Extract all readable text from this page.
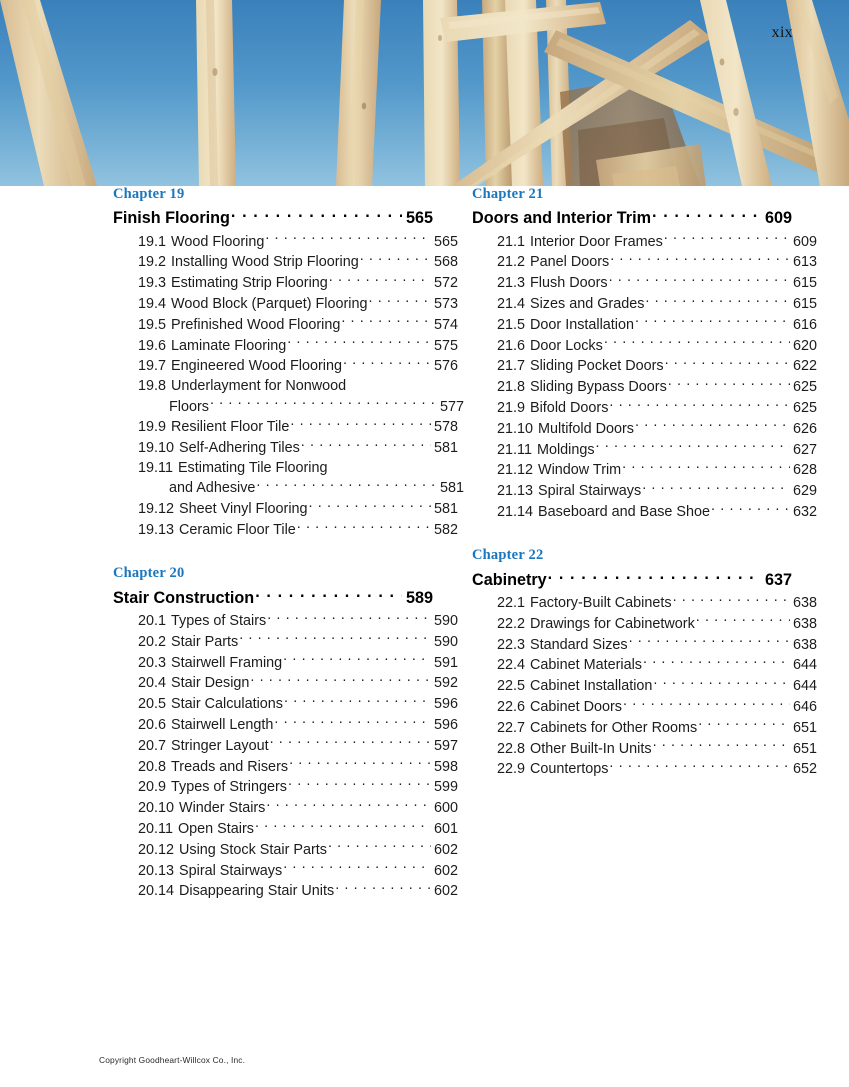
xix
Chapter 19
Finish Flooring . . .	565
19.1 Wood Flooring . . .	565
19.2 Installing Wood Strip Flooring . . .	568
19.3 Estimating Strip Flooring . . .	572
19.4 Wood Block (Parquet) Flooring . . .	573
19.5 Prefinished Wood Flooring . . .	574
19.6 Laminate Flooring . . .	575
19.7 Engineered Wood Flooring . . .	576
19.8 Underlayment for Nonwood
Floors . . .	577
19.9 Resilient Floor Tile . . .	578
19.10 Self-Adhering Tiles . . .	581
19.11 Estimating Tile Flooring
and Adhesive . . .	581
19.12 Sheet Vinyl Flooring . . .	581
19.13 Ceramic Floor Tile . . .	582
Chapter 20
Stair Construction . . .	589
20.1 Types of Stairs . . .	590
20.2 Stair Parts . . .	590
20.3 Stairwell Framing . . .	591
20.4 Stair Design . . .	592
20.5 Stair Calculations . . .	596
20.6 Stairwell Length . . .	596
20.7 Stringer Layout . . .	597
20.8 Treads and Risers . . .	598
20.9 Types of Stringers . . .	599
20.10 Winder Stairs . . .	600
20.11 Open Stairs . . .	601
20.12 Using Stock Stair Parts . . .	602
20.13 Spiral Stairways . . .	602
20.14 Disappearing Stair Units . . .	602
Chapter 21
Doors and Interior Trim . . .	609
21.1 Interior Door Frames . . .	609
21.2 Panel Doors . . .	613
21.3 Flush Doors . . .	615
21.4 Sizes and Grades . . .	615
21.5 Door Installation . . .	616
21.6 Door Locks . . .	620
21.7 Sliding Pocket Doors . . .	622
21.8 Sliding Bypass Doors . . .	625
21.9 Bifold Doors . . .	625
21.10 Multifold Doors . . .	626
21.11 Moldings . . .	627
21.12 Window Trim . . .	628
21.13 Spiral Stairways . . .	629
21.14 Baseboard and Base Shoe . . .	632
Chapter 22
Cabinetry . . .	637
22.1 Factory-Built Cabinets . . .	638
22.2 Drawings for Cabinetwork . . .	638
22.3 Standard Sizes . . .	638
22.4 Cabinet Materials . . .	644
22.5 Cabinet Installation . . .	644
22.6 Cabinet Doors . . .	646
22.7 Cabinets for Other Rooms . . .	651
22.8 Other Built-In Units . . .	651
22.9 Countertops . . .	652
Copyright Goodheart-Willcox Co., Inc.
